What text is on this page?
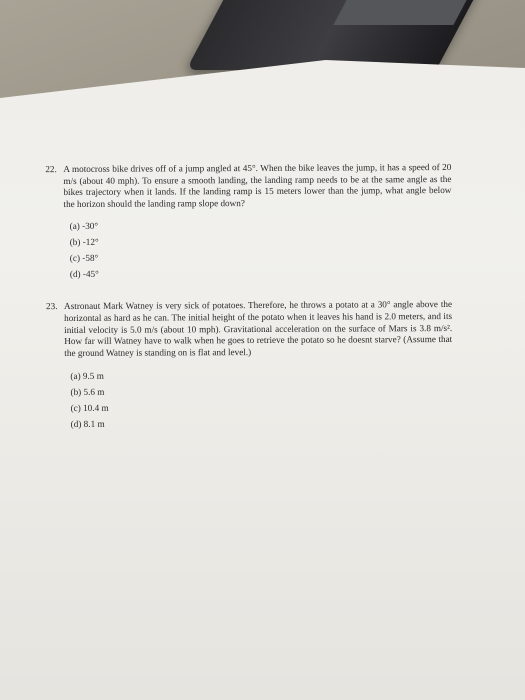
22. A motocross bike drives off of a jump angled at 45°. When the bike leaves the jump, it has a speed of 20 m/s (about 40 mph). To ensure a smooth landing, the landing ramp needs to be at the same angle as the bikes trajectory when it lands. If the landing ramp is 15 meters lower than the jump, what angle below the horizon should the landing ramp slope down?

(a) -30°
(b) -12°
(c) -58°
(d) -45°
23. Astronaut Mark Watney is very sick of potatoes. Therefore, he throws a potato at a 30° angle above the horizontal as hard as he can. The initial height of the potato when it leaves his hand is 2.0 meters, and its initial velocity is 5.0 m/s (about 10 mph). Gravitational acceleration on the surface of Mars is 3.8 m/s². How far will Watney have to walk when he goes to retrieve the potato so he doesnt starve? (Assume that the ground Watney is standing on is flat and level.)

(a) 9.5 m
(b) 5.6 m
(c) 10.4 m
(d) 8.1 m
